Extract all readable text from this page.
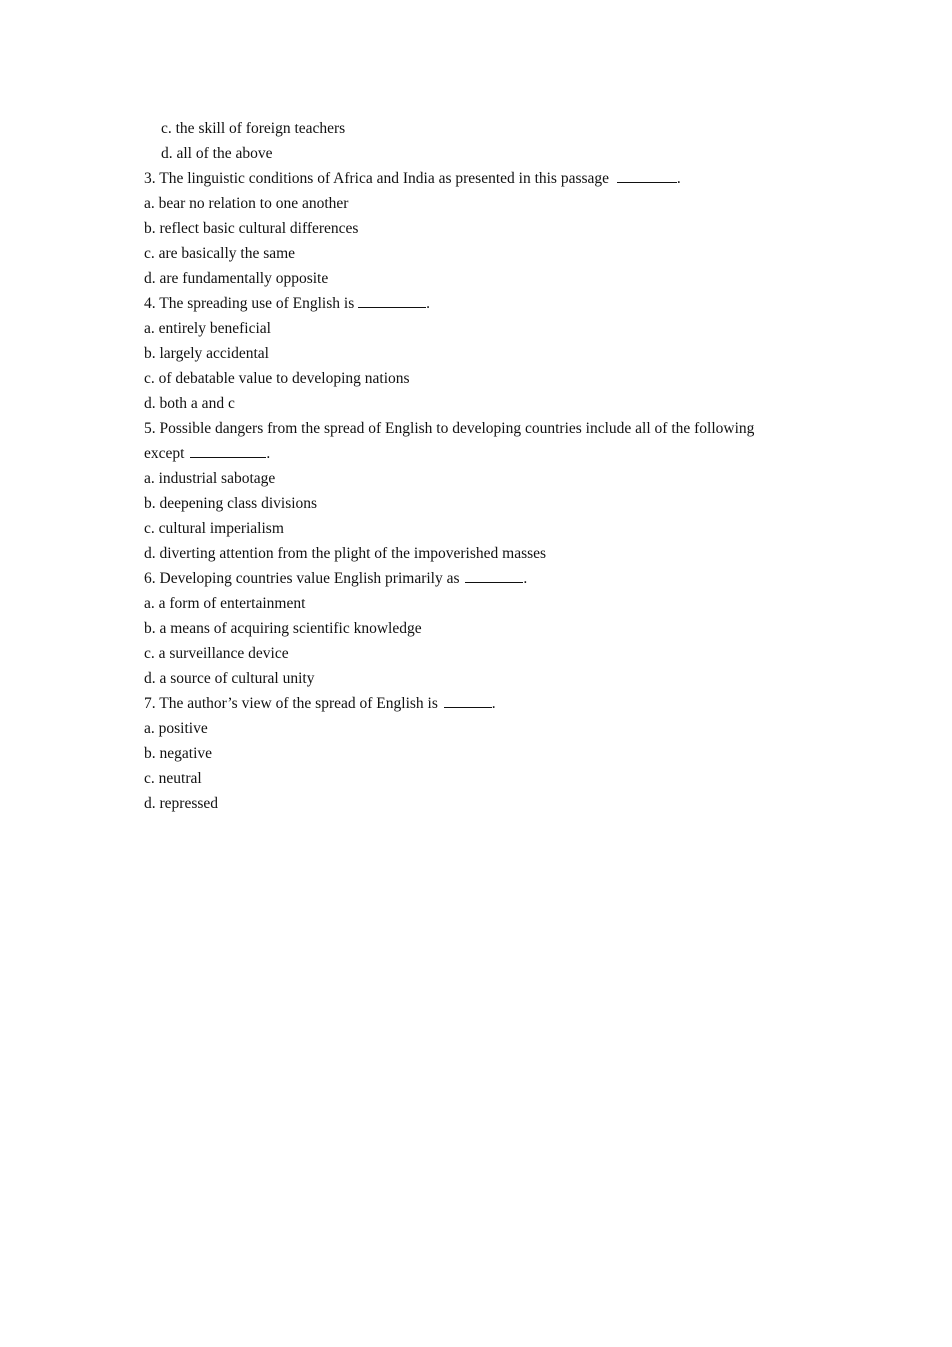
c. the skill of foreign teachers
d. all of the above
3. The linguistic conditions of Africa and India as presented in this passage	.
a. bear no relation to one another
b. reflect basic cultural differences
c. are basically the same
d. are fundamentally opposite
4. The spreading use of English is	.
a. entirely beneficial
b. largely accidental
c. of debatable value to developing nations
d. both a and c
5. Possible dangers from the spread of English to developing countries include all of the following
except	.
a. industrial sabotage
b. deepening class divisions
c. cultural imperialism
d. diverting attention from the plight of the impoverished masses
6. Developing countries value English primarily as	.
a. a form of entertainment
b. a means of acquiring scientific knowledge
c. a surveillance device
d. a source of cultural unity
7. The author’s view of the spread of English is	.
a. positive
b. negative
c. neutral
d. repressed
